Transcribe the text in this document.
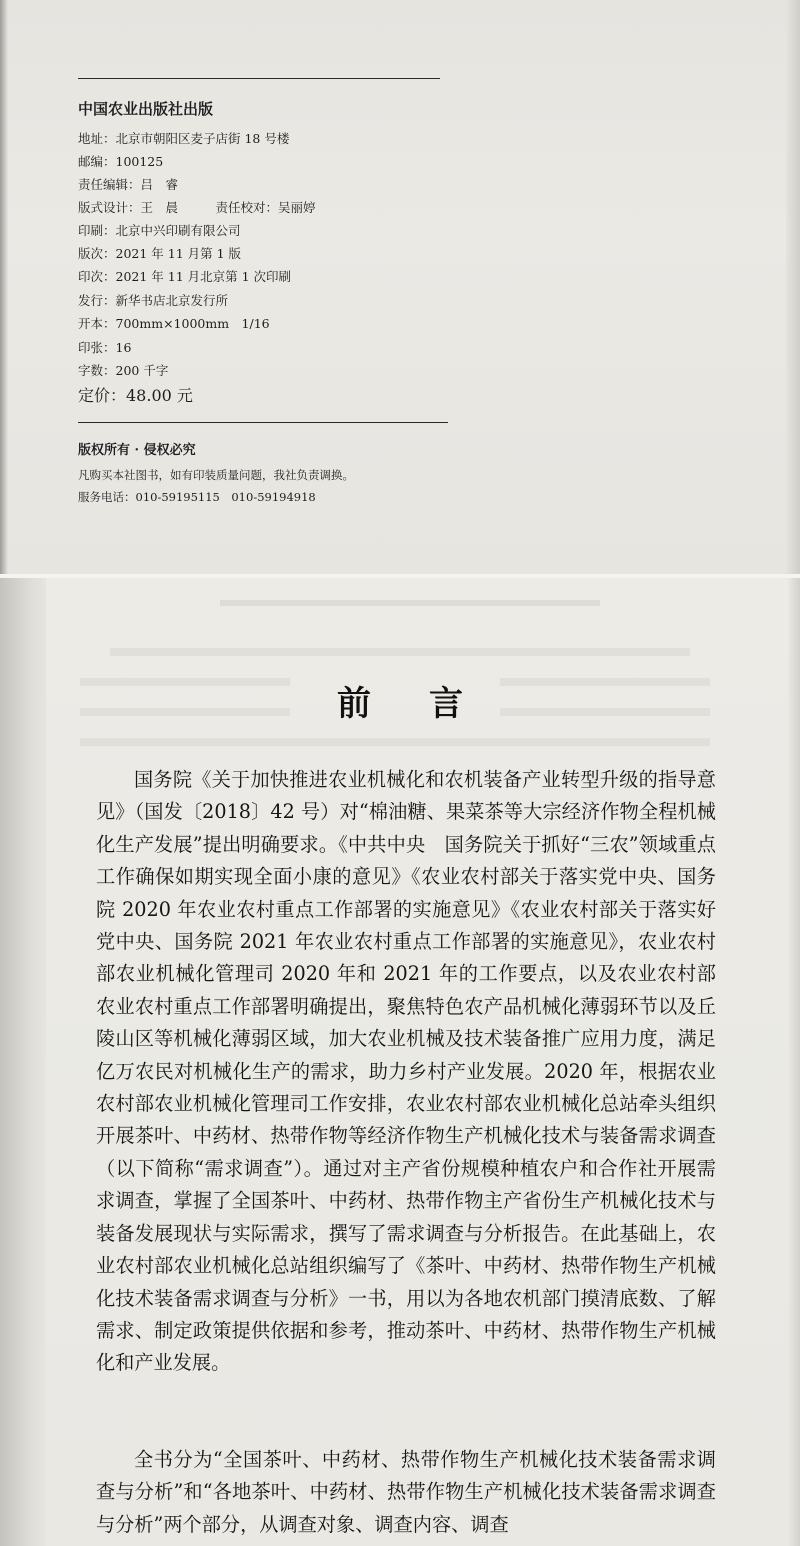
中国农业出版社出版
地址：北京市朝阳区麦子店街 18 号楼
邮编：100125
责任编辑：吕　睿
版式设计：王　晨　　　责任校对：吴丽婷
印刷：北京中兴印刷有限公司
版次：2021 年 11 月第 1 版
印次：2021 年 11 月北京第 1 次印刷
发行：新华书店北京发行所
开本：700mm×1000mm　1/16
印张：16
字数：200 千字
定价：48.00 元
版权所有 · 侵权必究
凡购买本社图书，如有印装质量问题，我社负责调换。
服务电话：010-59195115　010-59194918
前言
国务院《关于加快推进农业机械化和农机装备产业转型升级的指导意见》（国发〔2018〕42 号）对“棉油糖、果菜茶等大宗经济作物全程机械化生产发展”提出明确要求。《中共中央　国务院关于抓好“三农”领域重点工作确保如期实现全面小康的意见》《农业农村部关于落实党中央、国务院 2020 年农业农村重点工作部署的实施意见》《农业农村部关于落实好党中央、国务院 2021 年农业农村重点工作部署的实施意见》，农业农村部农业机械化管理司 2020 年和 2021 年的工作要点，以及农业农村部农业农村重点工作部署明确提出，聚焦特色农产品机械化薄弱环节以及丘陵山区等机械化薄弱区域，加大农业机械及技术装备推广应用力度，满足亿万农民对机械化生产的需求，助力乡村产业发展。2020 年，根据农业农村部农业机械化管理司工作安排，农业农村部农业机械化总站牵头组织开展茶叶、中药材、热带作物等经济作物生产机械化技术与装备需求调查（以下简称“需求调查”）。通过对主产省份规模种植农户和合作社开展需求调查，掌握了全国茶叶、中药材、热带作物主产省份生产机械化技术与装备发展现状与实际需求，撰写了需求调查与分析报告。在此基础上，农业农村部农业机械化总站组织编写了《茶叶、中药材、热带作物生产机械化技术装备需求调查与分析》一书，用以为各地农机部门摸清底数、了解需求、制定政策提供依据和参考，推动茶叶、中药材、热带作物生产机械化和产业发展。
全书分为“全国茶叶、中药材、热带作物生产机械化技术装备需求调查与分析”和“各地茶叶、中药材、热带作物生产机械化技术装备需求调查与分析”两个部分，从调查对象、调查内容、调查
